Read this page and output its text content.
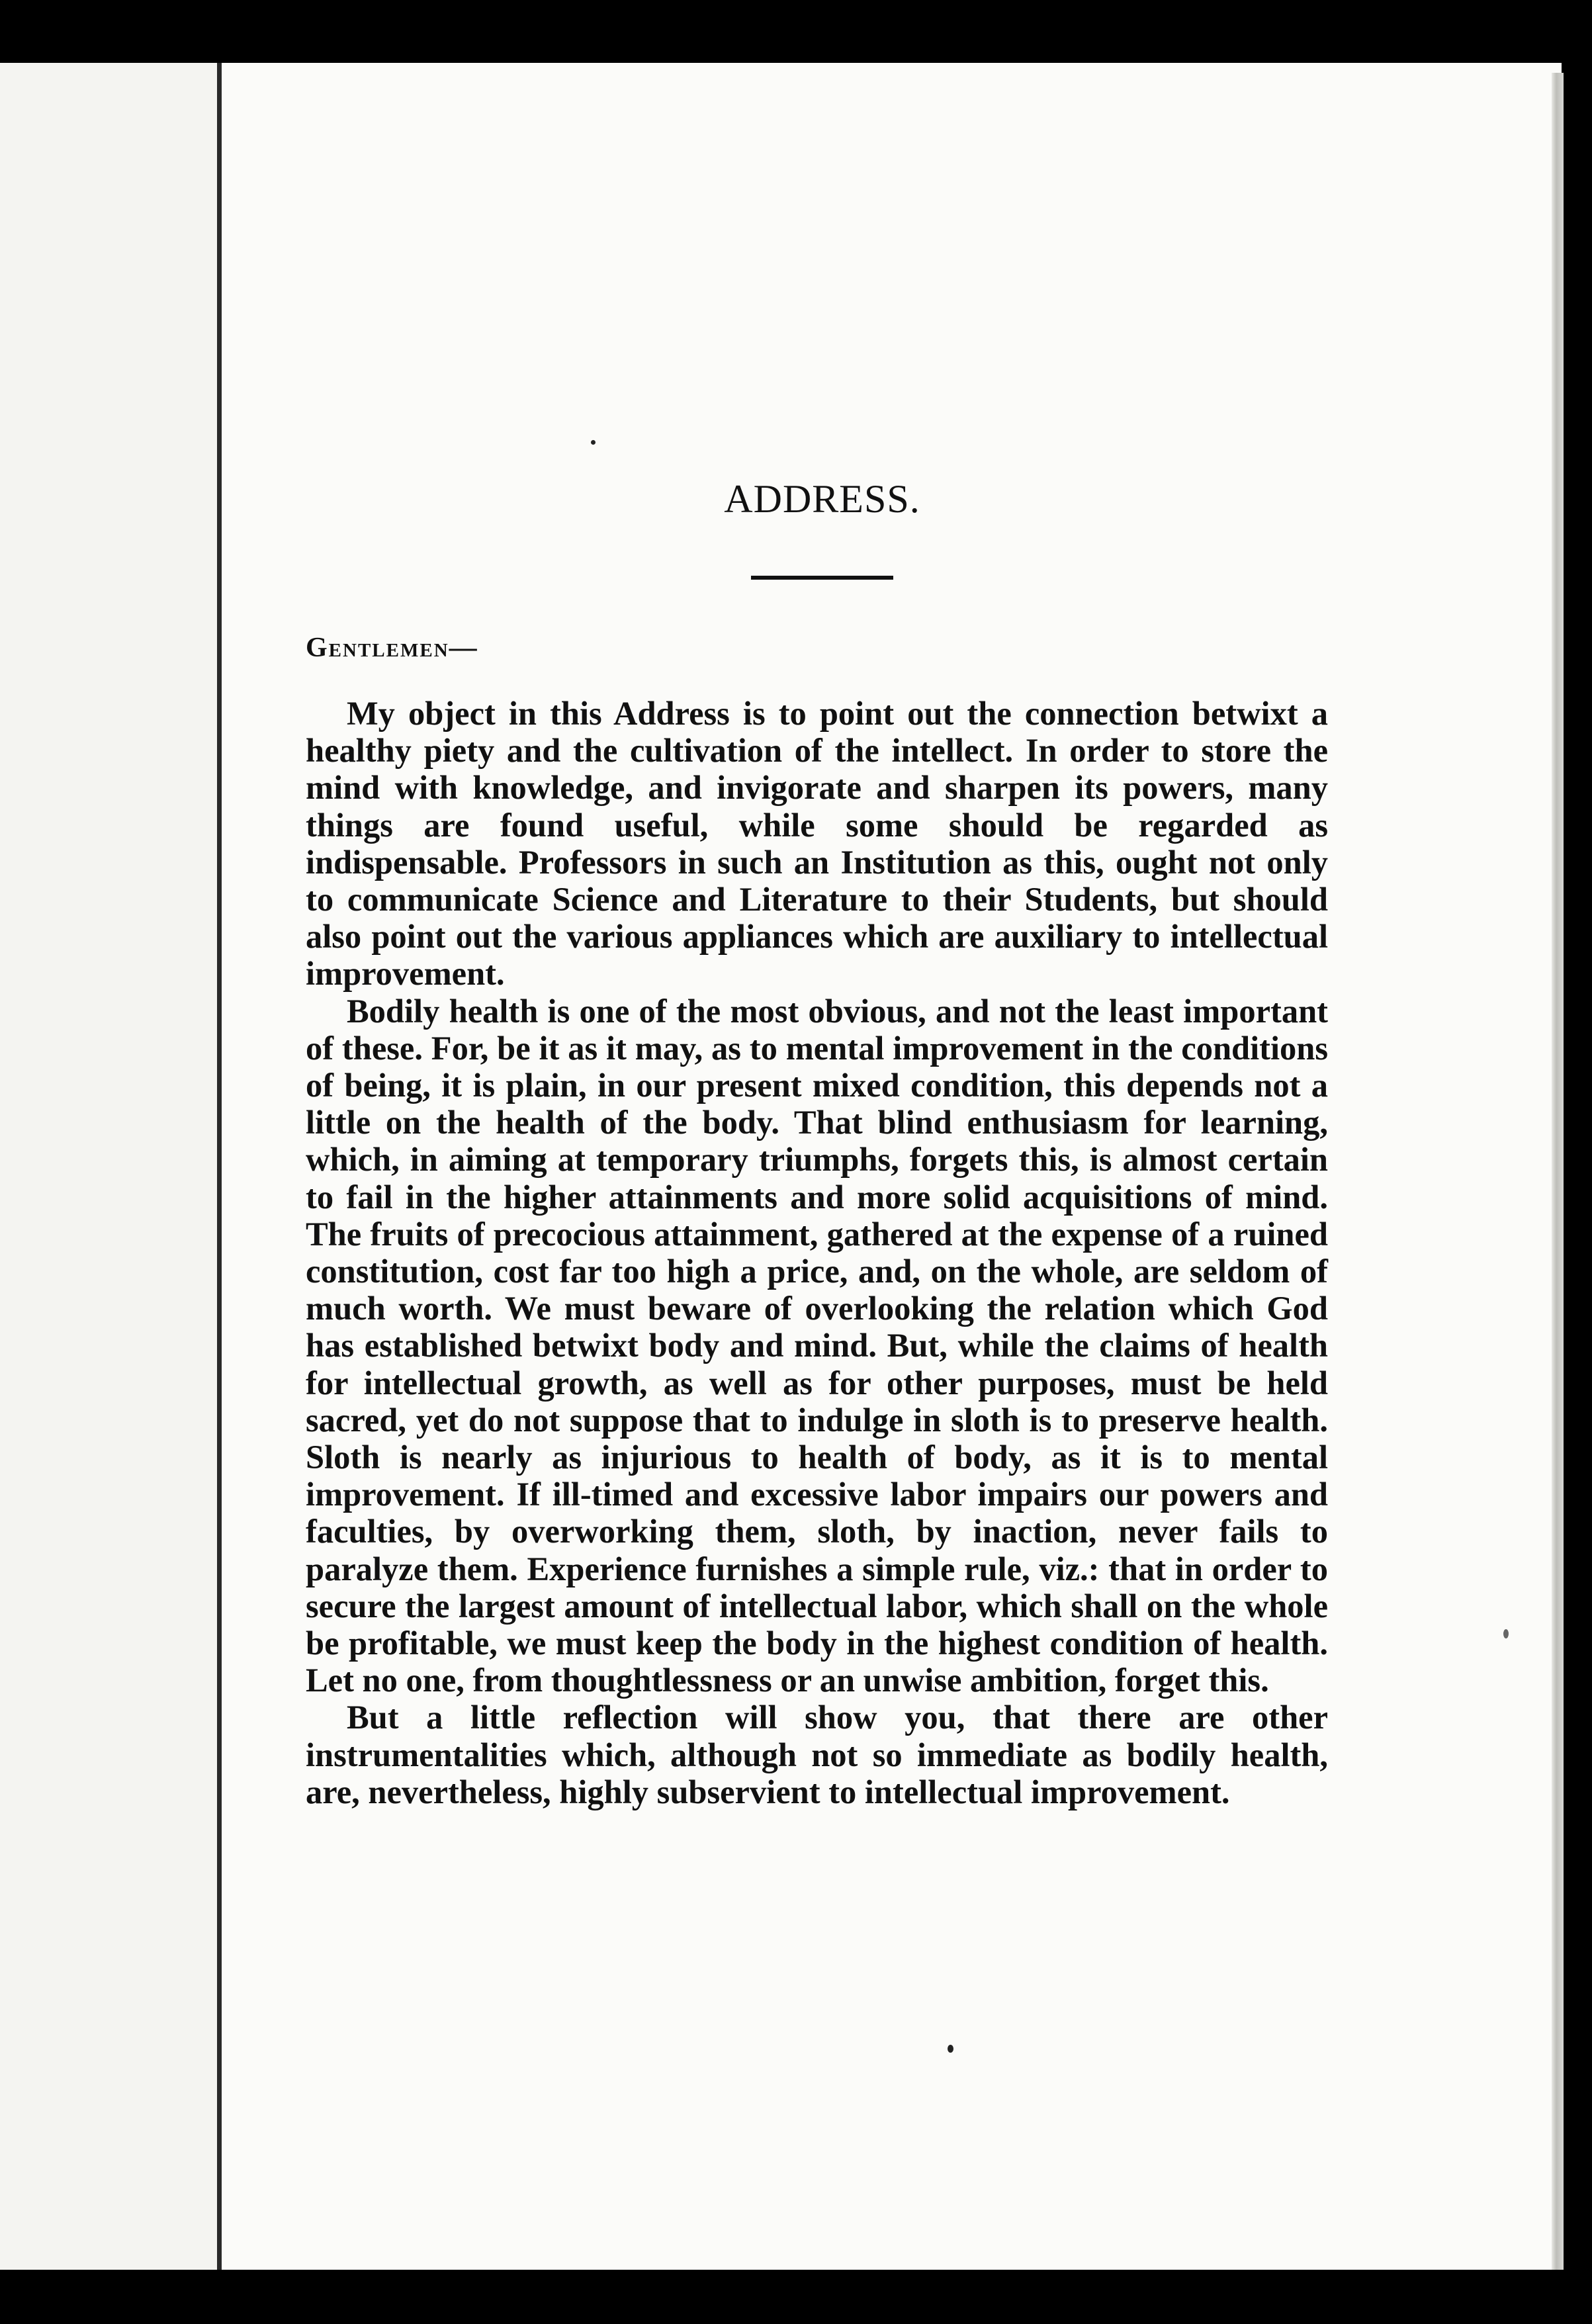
ADDRESS.
Gentlemen—

My object in this Address is to point out the connection betwixt a healthy piety and the cultivation of the intellect. In order to store the mind with knowledge, and invigorate and sharpen its powers, many things are found useful, while some should be regarded as indispensable. Professors in such an Institution as this, ought not only to communicate Science and Literature to their Students, but should also point out the various appliances which are auxiliary to intellectual improvement.

Bodily health is one of the most obvious, and not the least important of these. For, be it as it may, as to mental improvement in the conditions of being, it is plain, in our present mixed condition, this depends not a little on the health of the body. That blind enthusiasm for learning, which, in aiming at temporary triumphs, forgets this, is almost certain to fail in the higher attainments and more solid acquisitions of mind. The fruits of precocious attainment, gathered at the expense of a ruined constitution, cost far too high a price, and, on the whole, are seldom of much worth. We must beware of overlooking the relation which God has established betwixt body and mind. But, while the claims of health for intellectual growth, as well as for other purposes, must be held sacred, yet do not suppose that to indulge in sloth is to preserve health. Sloth is nearly as injurious to health of body, as it is to mental improvement. If ill-timed and excessive labor impairs our powers and faculties, by overworking them, sloth, by inaction, never fails to paralyze them. Experience furnishes a simple rule, viz.: that in order to secure the largest amount of intellectual labor, which shall on the whole be profitable, we must keep the body in the highest condition of health. Let no one, from thoughtlessness or an unwise ambition, forget this.

But a little reflection will show you, that there are other instrumentalities which, although not so immediate as bodily health, are, nevertheless, highly subservient to intellectual improvement.
